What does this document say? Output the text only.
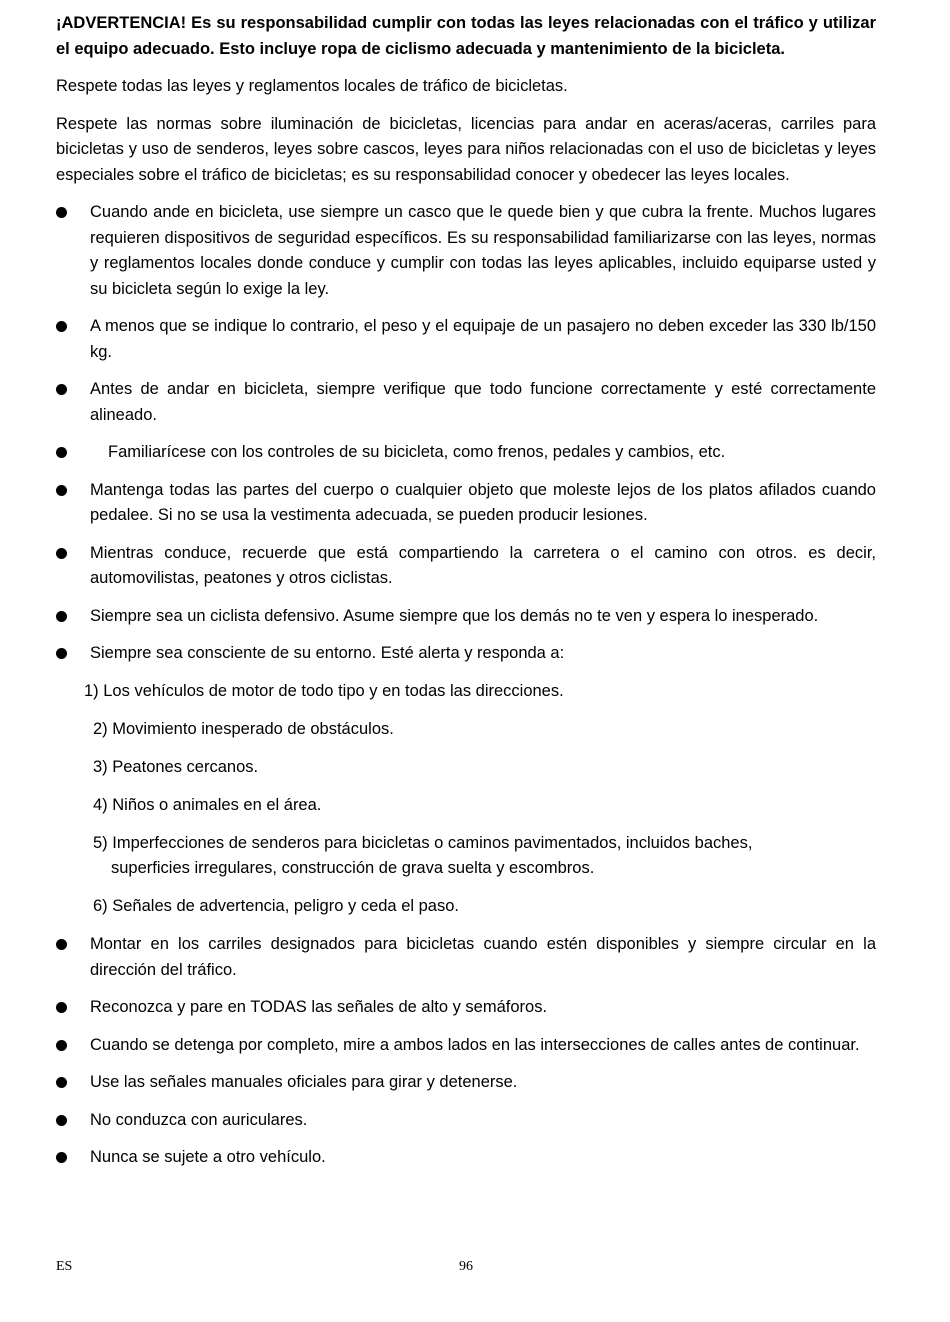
¡ADVERTENCIA! Es su responsabilidad cumplir con todas las leyes relacionadas con el tráfico y utilizar el equipo adecuado. Esto incluye ropa de ciclismo adecuada y mantenimiento de la bicicleta.

Respete todas las leyes y reglamentos locales de tráfico de bicicletas.

Respete las normas sobre iluminación de bicicletas, licencias para andar en aceras/aceras, carriles para bicicletas y uso de senderos, leyes sobre cascos, leyes para niños relacionadas con el uso de bicicletas y leyes especiales sobre el tráfico de bicicletas; es su responsabilidad conocer y obedecer las leyes locales.

Cuando ande en bicicleta, use siempre un casco que le quede bien y que cubra la frente. Muchos lugares requieren dispositivos de seguridad específicos. Es su responsabilidad familiarizarse con las leyes, normas y reglamentos locales donde conduce y cumplir con todas las leyes aplicables, incluido equiparse usted y su bicicleta según lo exige la ley.
A menos que se indique lo contrario, el peso y el equipaje de un pasajero no deben exceder las 330 lb/150 kg.
Antes de andar en bicicleta, siempre verifique que todo funcione correctamente y esté correctamente alineado.
Familiarícese con los controles de su bicicleta, como frenos, pedales y cambios, etc.
Mantenga todas las partes del cuerpo o cualquier objeto que moleste lejos de los platos afilados cuando pedalee. Si no se usa la vestimenta adecuada, se pueden producir lesiones.
Mientras conduce, recuerde que está compartiendo la carretera o el camino con otros. es decir, automovilistas, peatones y otros ciclistas.
Siempre sea un ciclista defensivo. Asume siempre que los demás no te ven y espera lo inesperado.
Siempre sea consciente de su entorno. Esté alerta y responda a:
1) Los vehículos de motor de todo tipo y en todas las direcciones.
2) Movimiento inesperado de obstáculos.
3) Peatones cercanos.
4) Niños o animales en el área.
5) Imperfecciones de senderos para bicicletas o caminos pavimentados, incluidos baches,
superficies irregulares, construcción de grava suelta y escombros.
6) Señales de advertencia, peligro y ceda el paso.
Montar en los carriles designados para bicicletas cuando estén disponibles y siempre circular en la dirección del tráfico.
Reconozca y pare en TODAS las señales de alto y semáforos.
Cuando se detenga por completo, mire a ambos lados en las intersecciones de calles antes de continuar.
Use las señales manuales oficiales para girar y detenerse.
No conduzca con auriculares.
Nunca se sujete a otro vehículo.
ES	96
